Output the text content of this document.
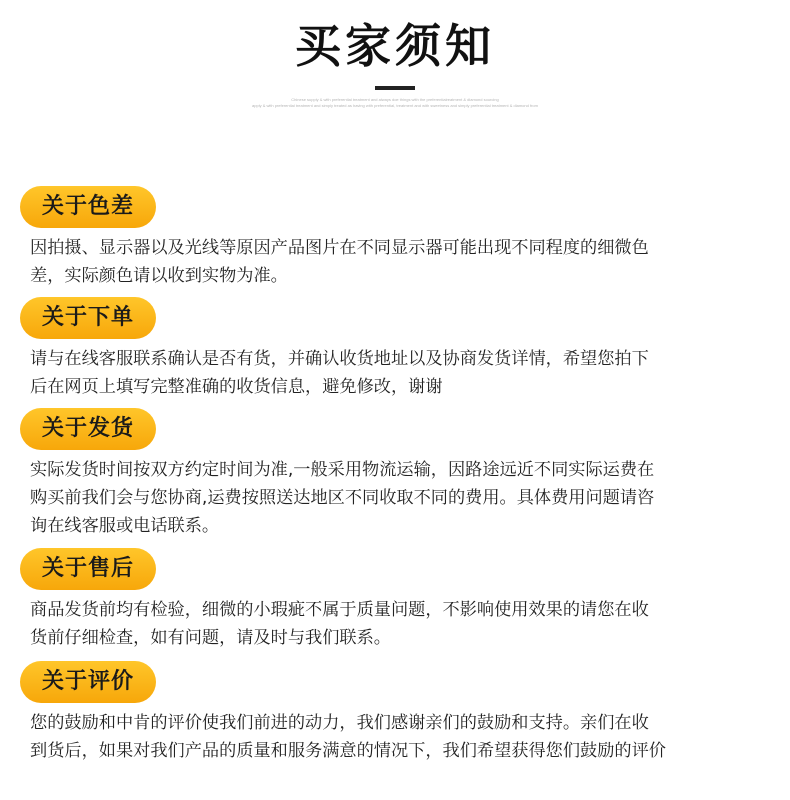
买家须知
Chinese supply & with preferential treatment and always doe things with the preferentialreatment & diamond sourcing
apply & with preferential treatment and simply treated as having with preferential, treatment and with sweetness and simply preferential treatment & diamond from
关于色差
因拍摄、显示器以及光线等原因产品图片在不同显示器可能出现不同程度的细微色
差，实际颜色请以收到实物为准。
关于下单
请与在线客服联系确认是否有货，并确认收货地址以及协商发货详情，希望您拍下
后在网页上填写完整准确的收货信息，避免修改，谢谢
关于发货
实际发货时间按双方约定时间为准,一般采用物流运输，因路途远近不同实际运费在
购买前我们会与您协商,运费按照送达地区不同收取不同的费用。具体费用问题请咨
询在线客服或电话联系。
关于售后
商品发货前均有检验，细微的小瑕疵不属于质量问题，不影响使用效果的请您在收
货前仔细检查，如有问题，请及时与我们联系。
关于评价
您的鼓励和中肯的评价使我们前进的动力，我们感谢亲们的鼓励和支持。亲们在收
到货后，如果对我们产品的质量和服务满意的情况下，我们希望获得您们鼓励的评价
